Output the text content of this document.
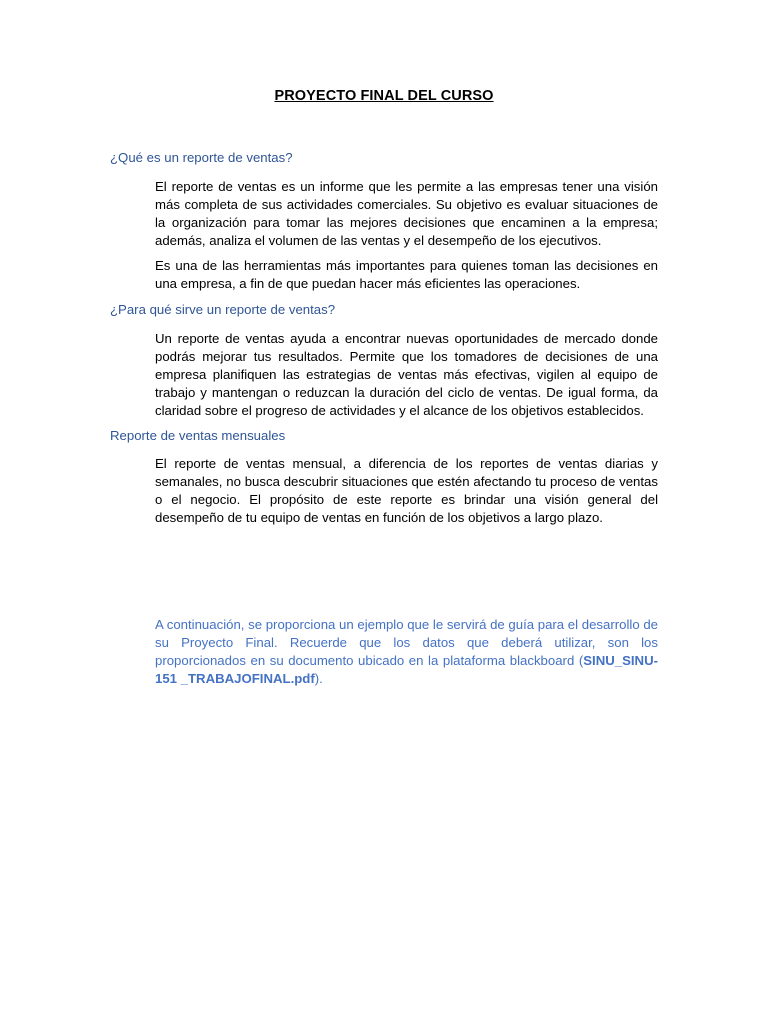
PROYECTO FINAL DEL CURSO
¿Qué es un reporte de ventas?

El reporte de ventas es un informe que les permite a las empresas tener una visión más completa de sus actividades comerciales. Su objetivo es evaluar situaciones de la organización para tomar las mejores decisiones que encaminen a la empresa; además, analiza el volumen de las ventas y el desempeño de los ejecutivos.

Es una de las herramientas más importantes para quienes toman las decisiones en una empresa, a fin de que puedan hacer más eficientes las operaciones.

¿Para qué sirve un reporte de ventas?

Un reporte de ventas ayuda a encontrar nuevas oportunidades de mercado donde podrás mejorar tus resultados. Permite que los tomadores de decisiones de una empresa planifiquen las estrategias de ventas más efectivas, vigilen al equipo de trabajo y mantengan o reduzcan la duración del ciclo de ventas. De igual forma, da claridad sobre el progreso de actividades y el alcance de los objetivos establecidos.

Reporte de ventas mensuales

El reporte de ventas mensual, a diferencia de los reportes de ventas diarias y semanales, no busca descubrir situaciones que estén afectando tu proceso de ventas o el negocio. El propósito de este reporte es brindar una visión general del desempeño de tu equipo de ventas en función de los objetivos a largo plazo.

A continuación, se proporciona un ejemplo que le servirá de guía para el desarrollo de su Proyecto Final. Recuerde que los datos que deberá utilizar, son los proporcionados en su documento ubicado en la plataforma blackboard (SINU_SINU-151 _TRABAJOFINAL.pdf).
